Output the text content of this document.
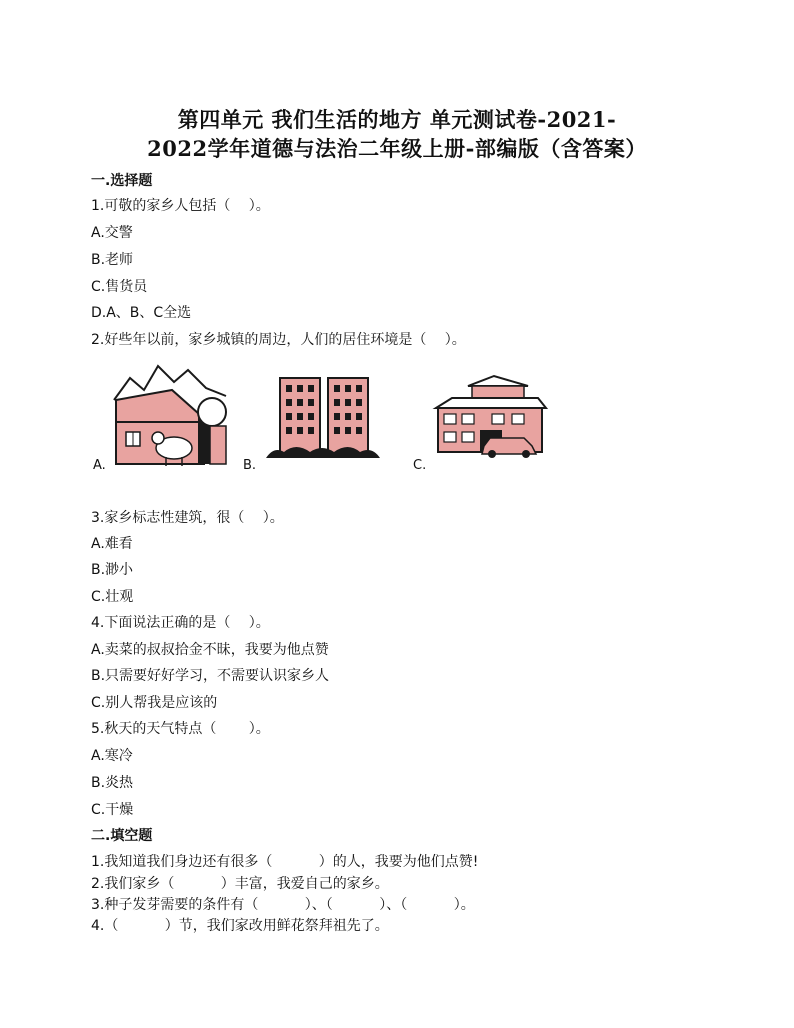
第四单元 我们生活的地方 单元测试卷-2021-
2022学年道德与法治二年级上册-部编版（含答案）
一.选择题
1.可敬的家乡人包括（　 ）。
A.交警
B.老师
C.售货员
D.A、B、C全选
2.好些年以前，家乡城镇的周边，人们的居住环境是（　 ）。
A.	B.	C.
3.家乡标志性建筑，很（　 ）。
A.难看
B.渺小
C.壮观
4.下面说法正确的是（　 ）。
A.卖菜的叔叔拾金不昧，我要为他点赞
B.只需要好好学习，不需要认识家乡人
C.别人帮我是应该的
5.秋天的天气特点（　　 ）。
A.寒冷
B.炎热
C.干燥
二.填空题
1.我知道我们身边还有很多（　　　 ）的人，我要为他们点赞!
2.我们家乡（　　　 ）丰富，我爱自己的家乡。
3.种子发芽需要的条件有（　　　 ）、（　　　 ）、（　　　 ）。
4.（　　　 ）节，我们家改用鲜花祭拜祖先了。
